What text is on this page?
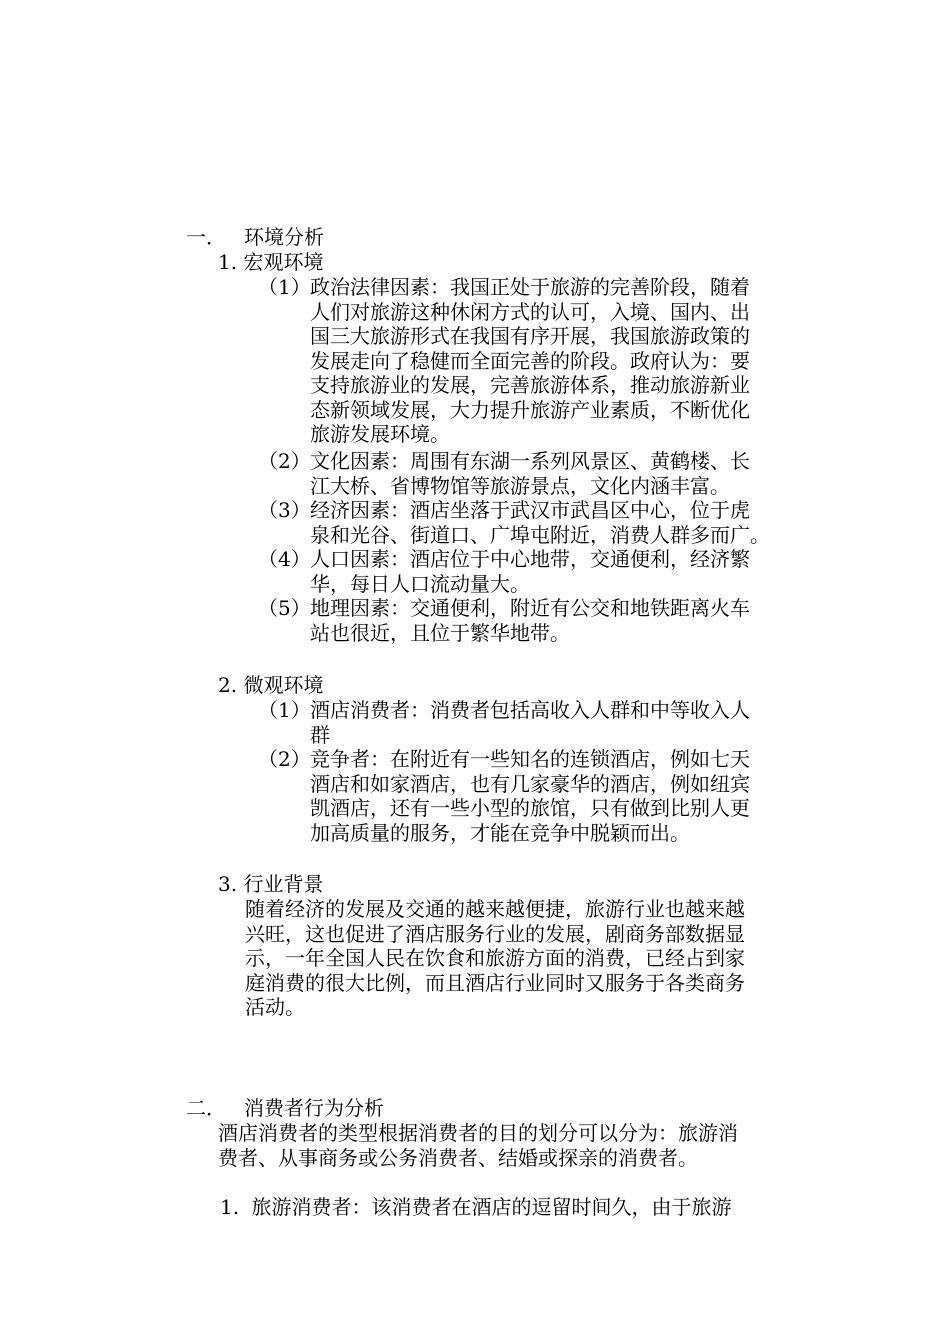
一． 环境分析
1. 宏观环境
（1） 政治法律因素：我国正处于旅游的完善阶段，随着
人们对旅游这种休闲方式的认可，入境、国内、出
国三大旅游形式在我国有序开展，我国旅游政策的
发展走向了稳健而全面完善的阶段。政府认为：要
支持旅游业的发展，完善旅游体系，推动旅游新业
态新领域发展，大力提升旅游产业素质，不断优化
旅游发展环境。
（2） 文化因素：周围有东湖一系列风景区、黄鹤楼、长
江大桥、省博物馆等旅游景点，文化内涵丰富。
（3） 经济因素：酒店坐落于武汉市武昌区中心，位于虎
泉和光谷、街道口、广埠屯附近，消费人群多而广。
（4） 人口因素：酒店位于中心地带，交通便利，经济繁
华，每日人口流动量大。
（5） 地理因素：交通便利，附近有公交和地铁距离火车
站也很近，且位于繁华地带。
2. 微观环境
（1） 酒店消费者：消费者包括高收入人群和中等收入人
群
（2） 竞争者：在附近有一些知名的连锁酒店，例如七天
酒店和如家酒店，也有几家豪华的酒店，例如纽宾
凯酒店，还有一些小型的旅馆，只有做到比别人更
加高质量的服务，才能在竞争中脱颖而出。
3. 行业背景
随着经济的发展及交通的越来越便捷，旅游行业也越来越
兴旺，这也促进了酒店服务行业的发展，剧商务部数据显
示，一年全国人民在饮食和旅游方面的消费，已经占到家
庭消费的很大比例，而且酒店行业同时又服务于各类商务
活动。
二． 消费者行为分析
酒店消费者的类型根据消费者的目的划分可以分为：旅游消
费者、从事商务或公务消费者、结婚或探亲的消费者。
1. 旅游消费者：该消费者在酒店的逗留时间久，由于旅游
